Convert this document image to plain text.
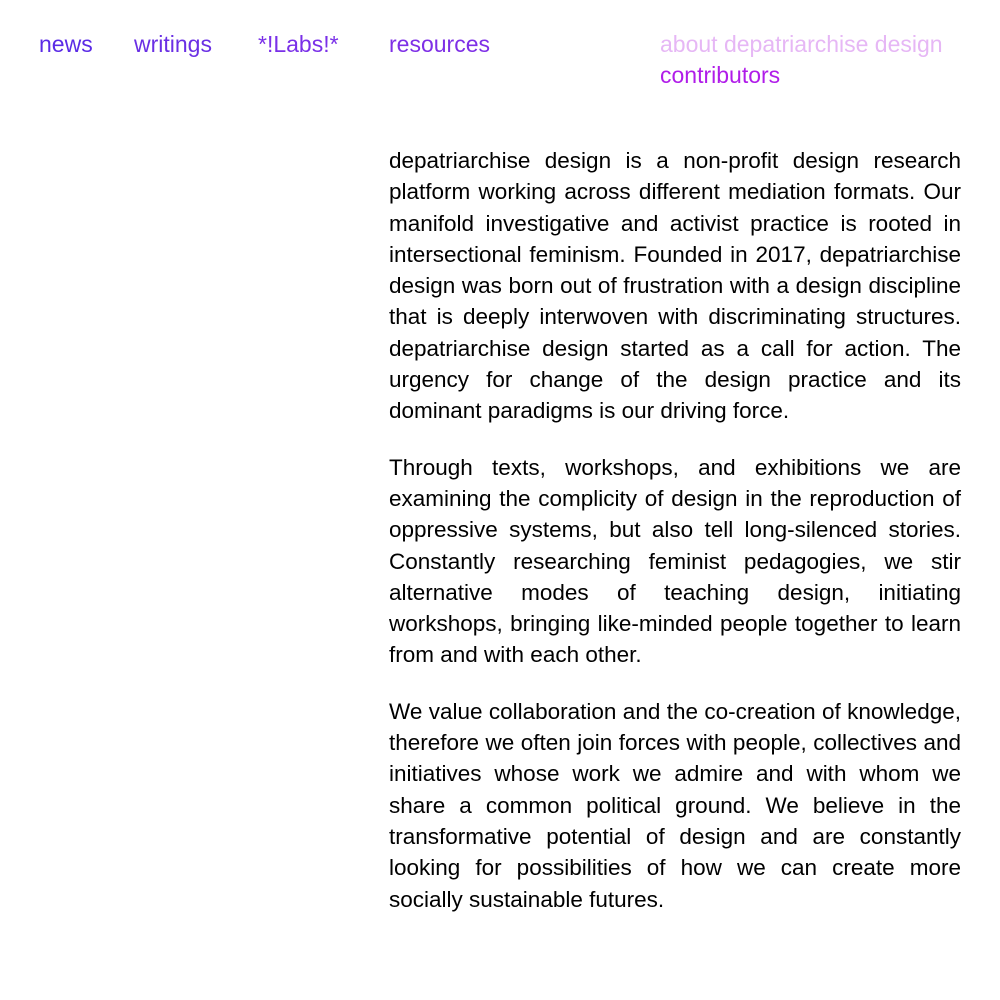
news writings *!Labs!* resources	about depatriarchise design
contributors

depatriarchise design is a non-profit design research platform working across different mediation formats. Our manifold investigative and activist practice is rooted in intersectional feminism. Founded in 2017, depatriarchise design was born out of frustration with a design discipline that is deeply interwoven with discriminating structures. depatriarchise design started as a call for action. The urgency for change of the design practice and its dominant paradigms is our driving force.

Through texts, workshops, and exhibitions we are examining the complicity of design in the reproduction of oppressive systems, but also tell long-silenced stories. Constantly researching feminist pedagogies, we stir alternative modes of teaching design, initiating workshops, bringing like-minded people together to learn from and with each other.

We value collaboration and the co-creation of knowledge, therefore we often join forces with people, collectives and initiatives whose work we admire and with whom we share a common political ground. We believe in the transformative potential of design and are constantly looking for possibilities of how we can create more socially sustainable futures.
